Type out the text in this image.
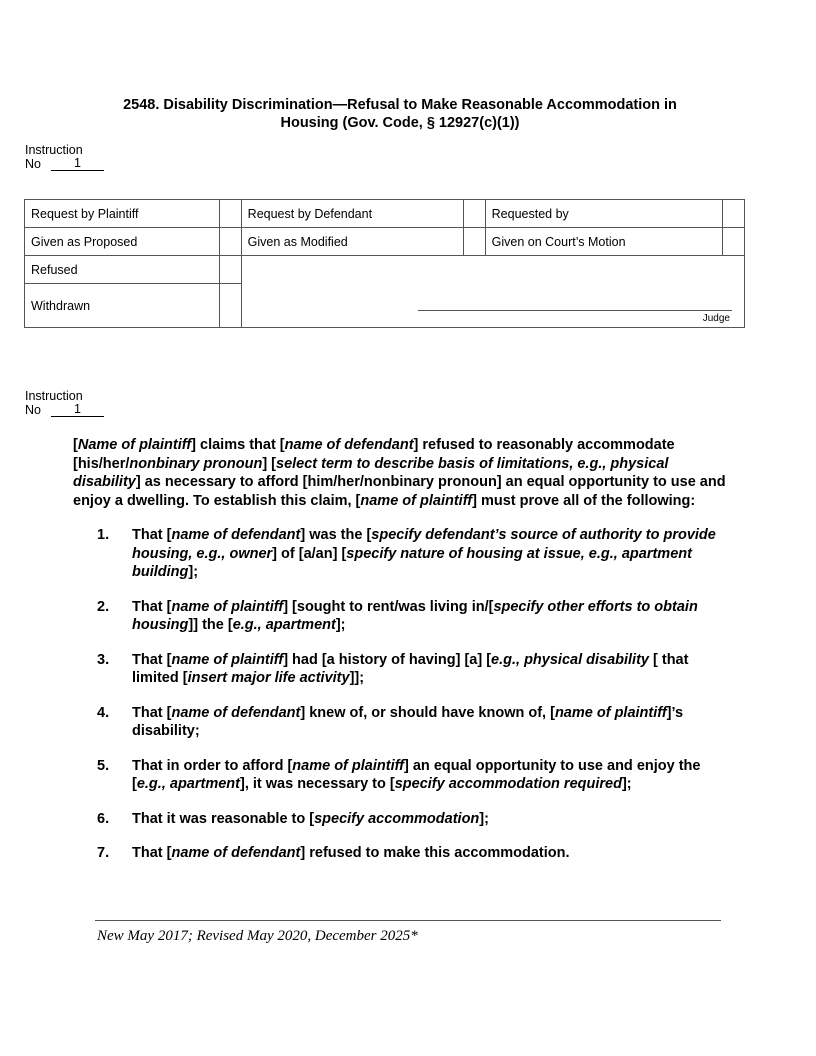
2548. Disability Discrimination—Refusal to Make Reasonable Accommodation in
Housing (Gov. Code, § 12927(c)(1))
Instruction
No	1
Request by Plaintiff		Request by Defendant		Requested by	
Given as Proposed		Given as Modified		Given on Court’s Motion	
Refused		Judge			

Withdrawn					
Instruction
No	1

[Name of plaintiff] claims that [name of defendant] refused to reasonably accommodate [his/her/nonbinary pronoun] [select term to describe basis of limitations, e.g., physical disability] as necessary to afford [him/her/nonbinary pronoun] an equal opportunity to use and enjoy a dwelling. To establish this claim, [name of plaintiff] must prove all of the following:

1.	That [name of defendant] was the [specify defendant’s source of authority to provide housing, e.g., owner] of [a/an] [specify nature of housing at issue, e.g., apartment building];
2.	That [name of plaintiff] [sought to rent/was living in/[specify other efforts to obtain housing]] the [e.g., apartment];
3.	That [name of plaintiff] had [a history of having] [a] [e.g., physical disability [ that limited [insert major life activity]];
4.	That [name of defendant] knew of, or should have known of, [name of plaintiff]’s disability;
5.	That in order to afford [name of plaintiff] an equal opportunity to use and enjoy the [e.g., apartment], it was necessary to [specify accommodation required];
6.	That it was reasonable to [specify accommodation];
7.	That [name of defendant] refused to make this accommodation.
New May 2017; Revised May 2020, December 2025*
